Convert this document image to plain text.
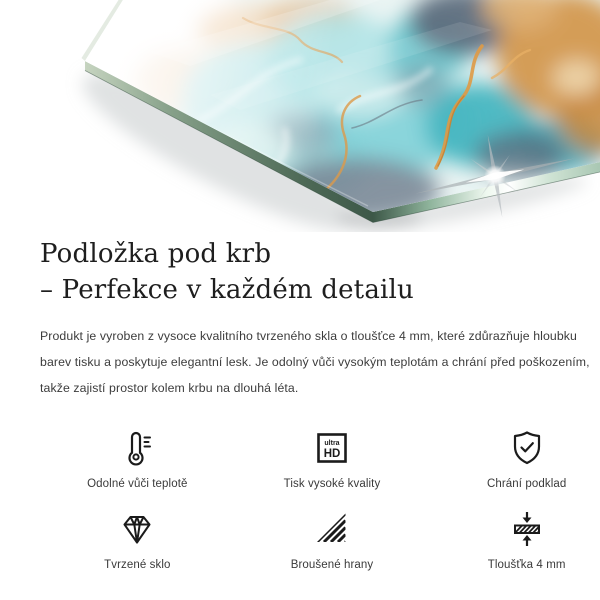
Podložka pod krb
– Perfekce v každém detailu

Produkt je vyroben z vysoce kvalitního tvrzeného skla o tloušťce 4 mm, které zdůrazňuje hloubku
barev tisku a poskytuje elegantní lesk. Je odolný vůči vysokým teplotám a chrání před poškozením,
takže zajistí prostor kolem krbu na dlouhá léta.

Odolné vůči teplotě
ultra
HD
Tisk vysoké kvality	Chrání podklad
Tvrzené sklo	Broušené hrany	Tloušťka 4 mm
